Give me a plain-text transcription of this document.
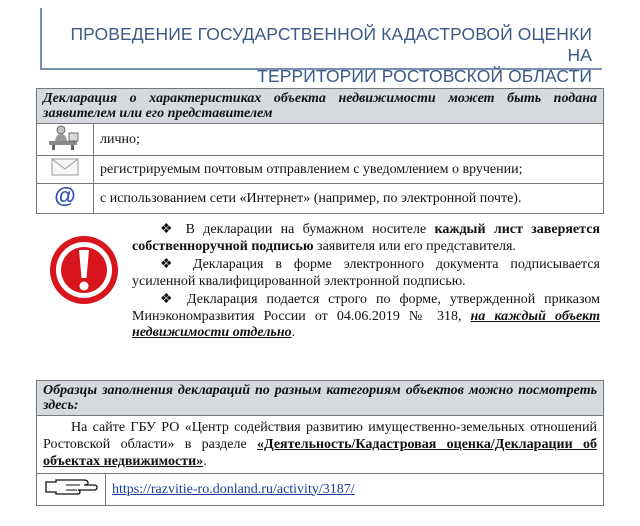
ПРОВЕДЕНИЕ ГОСУДАРСТВЕННОЙ КАДАСТРОВОЙ ОЦЕНКИ НА
ТЕРРИТОРИИ РОСТОВСКОЙ ОБЛАСТИ
Декларация о характеристиках объекта недвижимости может быть подана заявителем или его представителем	
	лично;
	регистрируемым почтовым отправлением с уведомлением о вручении;

@	с использованием сети «Интернет» (например, по электронной почте).

❖ В декларации на бумажном носителе каждый лист заверяется собственноручной подписью заявителя или его представителя.

❖ Декларация в форме электронного документа подписывается усиленной квалифицированной электронной подписью.

❖ Декларация подается строго по форме, утвержденной приказом Минэкономразвития России от 04.06.2019 № 318, на каждый объект недвижимости отдельно.

Образцы заполнения деклараций по разным категориям объектов можно посмотреть здесь:
На сайте ГБУ РО «Центр содействия развитию имущественно-земельных отношений Ростовской области» в разделе «Деятельность/Кадастровая оценка/Декларации об объектах недвижимости».
	https://razvitie-ro.donland.ru/activity/3187/
